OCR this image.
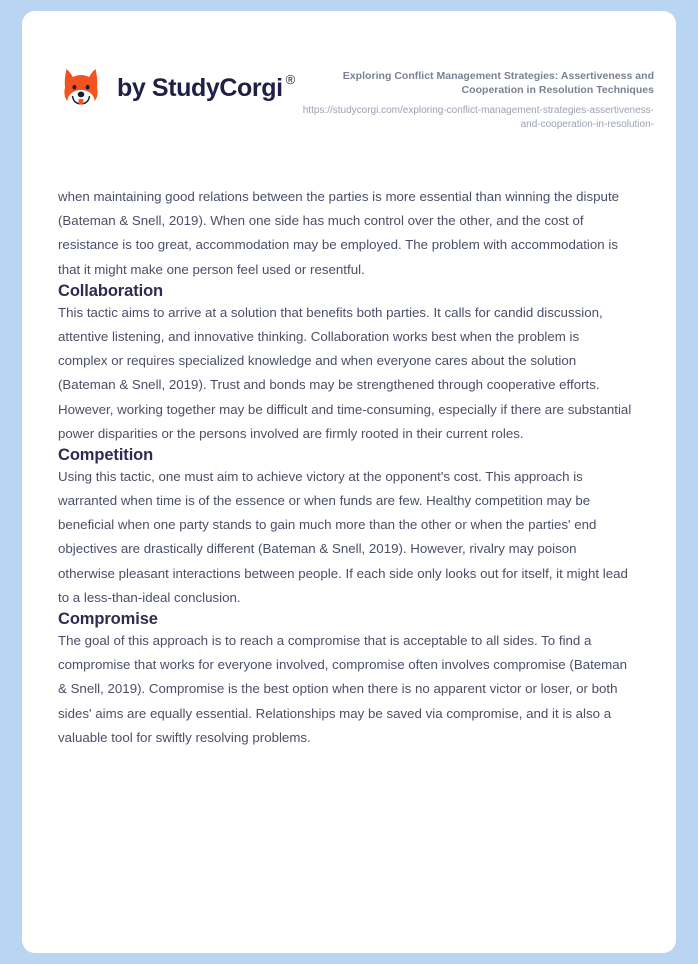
by StudyCorgi ®	Exploring Conflict Management Strategies: Assertiveness and Cooperation in Resolution Techniques
https://studycorgi.com/exploring-conflict-management-strategies-assertiveness-and-cooperation-in-resolution-

when maintaining good relations between the parties is more essential than winning the dispute (Bateman & Snell, 2019). When one side has much control over the other, and the cost of resistance is too great, accommodation may be employed. The problem with accommodation is that it might make one person feel used or resentful.

Collaboration

This tactic aims to arrive at a solution that benefits both parties. It calls for candid discussion, attentive listening, and innovative thinking. Collaboration works best when the problem is complex or requires specialized knowledge and when everyone cares about the solution (Bateman & Snell, 2019). Trust and bonds may be strengthened through cooperative efforts. However, working together may be difficult and time-consuming, especially if there are substantial power disparities or the persons involved are firmly rooted in their current roles.

Competition

Using this tactic, one must aim to achieve victory at the opponent's cost. This approach is warranted when time is of the essence or when funds are few. Healthy competition may be beneficial when one party stands to gain much more than the other or when the parties' end objectives are drastically different (Bateman & Snell, 2019). However, rivalry may poison otherwise pleasant interactions between people. If each side only looks out for itself, it might lead to a less-than-ideal conclusion.

Compromise

The goal of this approach is to reach a compromise that is acceptable to all sides. To find a compromise that works for everyone involved, compromise often involves compromise (Bateman & Snell, 2019). Compromise is the best option when there is no apparent victor or loser, or both sides' aims are equally essential. Relationships may be saved via compromise, and it is also a valuable tool for swiftly resolving problems.
